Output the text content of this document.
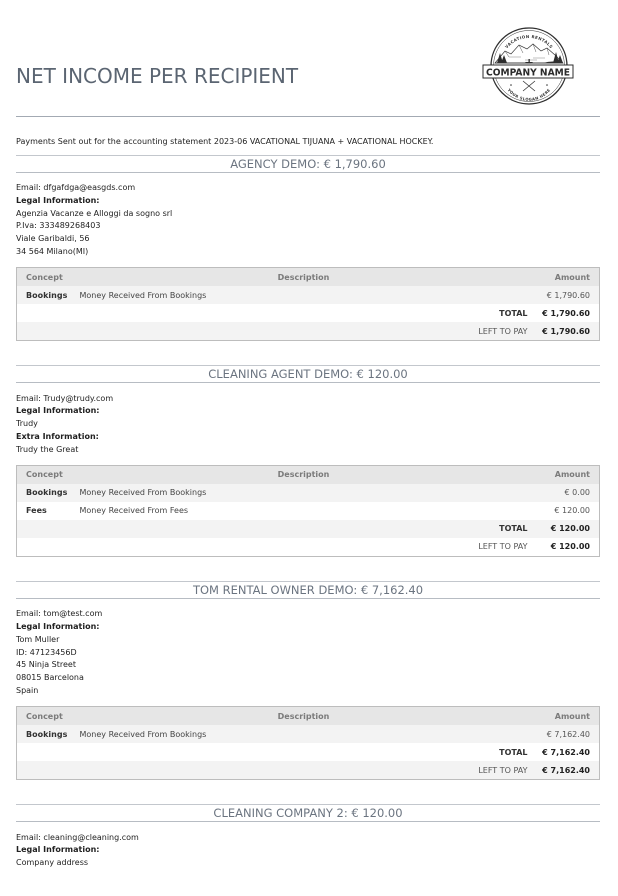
NET INCOME PER RECIPIENT
VACATION RENTALS
COMPANY NAME
YOUR SLOGAN HERE
Payments Sent out for the accounting statement 2023-06 VACATIONAL TIJUANA + VACATIONAL HOCKEY.
AGENCY DEMO: € 1,790.60
Email: dfgafdga@easgds.com
Legal Information:
Agenzia Vacanze e Alloggi da sogno srl
P.Iva: 333489268403
Viale Garibaldi, 56
34 564 Milano(MI)
Concept	Description	Amount
Bookings	Money Received From Bookings	€ 1,790.60
TOTAL		€ 1,790.60
LEFT TO PAY		€ 1,790.60
CLEANING AGENT DEMO: € 120.00
Email: Trudy@trudy.com
Legal Information:
Trudy
Extra Information:
Trudy the Great
Concept	Description	Amount
Bookings	Money Received From Bookings	€ 0.00
Fees	Money Received From Fees	€ 120.00
TOTAL		€ 120.00
LEFT TO PAY		€ 120.00
TOM RENTAL OWNER DEMO: € 7,162.40
Email: tom@test.com
Legal Information:
Tom Muller
ID: 47123456D
45 Ninja Street
08015 Barcelona
Spain
Concept	Description	Amount
Bookings	Money Received From Bookings	€ 7,162.40
TOTAL		€ 7,162.40
LEFT TO PAY		€ 7,162.40
CLEANING COMPANY 2: € 120.00
Email: cleaning@cleaning.com
Legal Information:
Company address
